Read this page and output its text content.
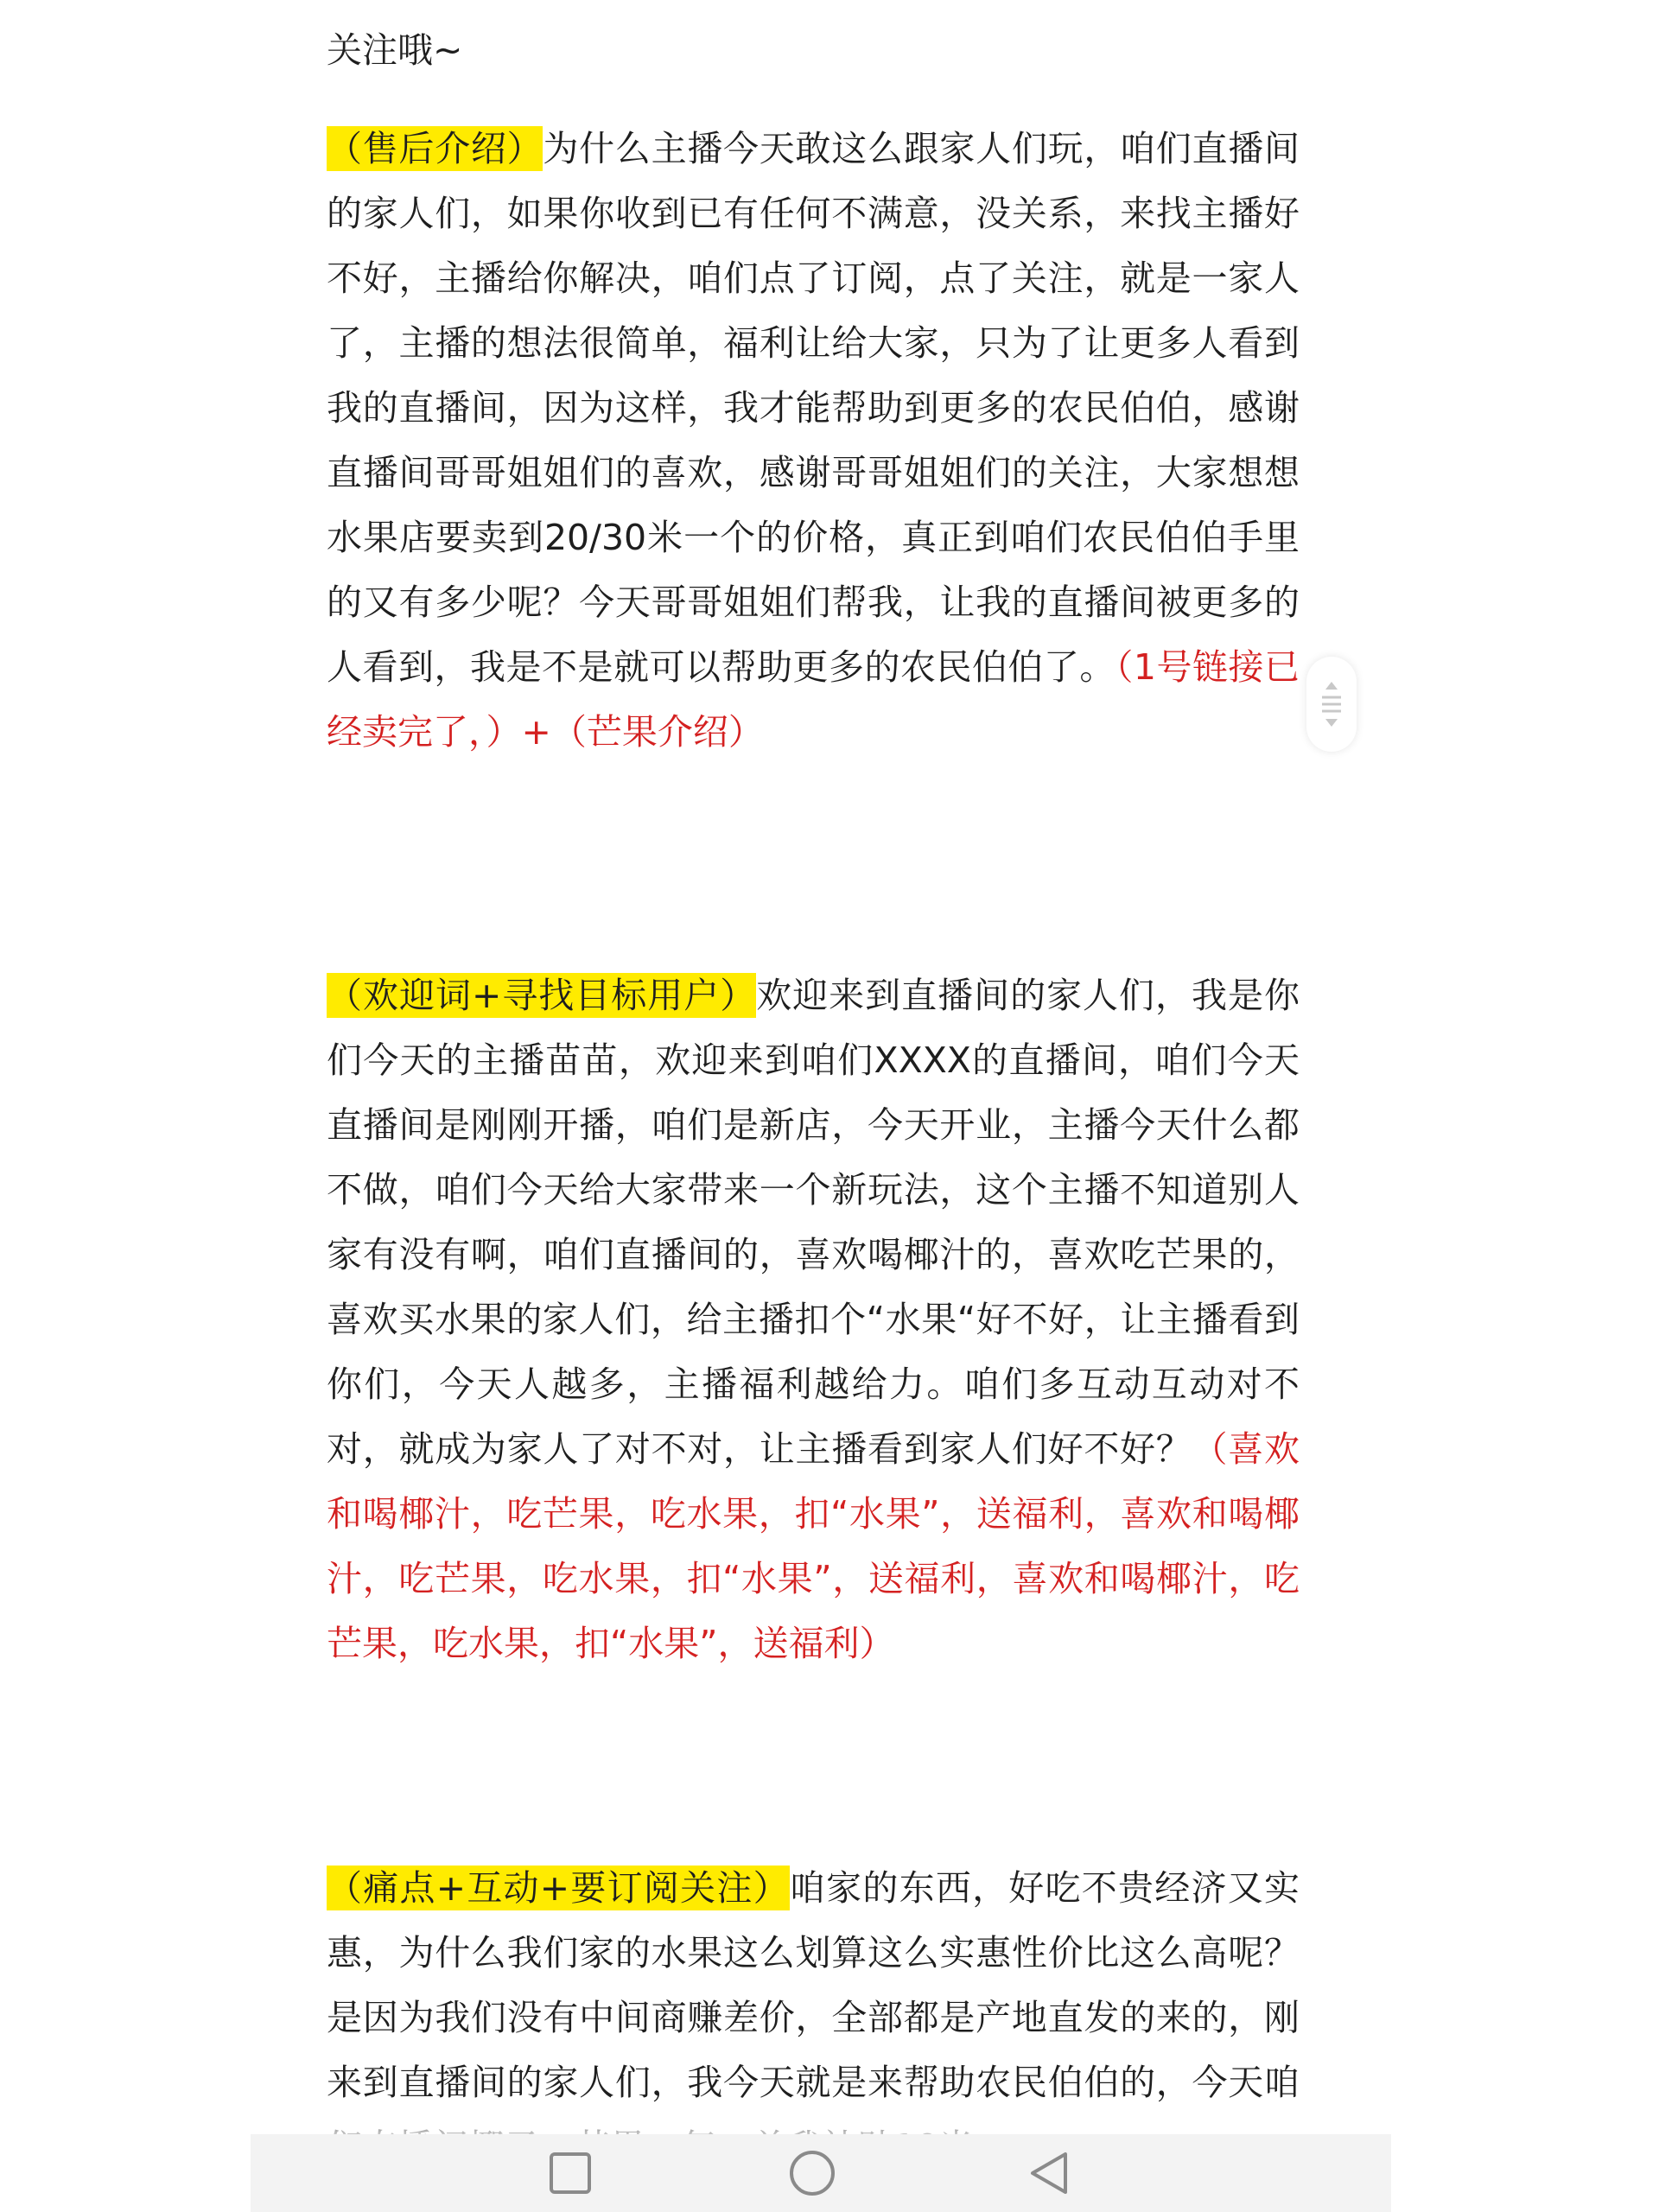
关注哦~

（售后介绍）为什么主播今天敢这么跟家人们玩，咱们直播间的家人们，如果你收到已有任何不满意，没关系，来找主播好不好，主播给你解决，咱们点了订阅，点了关注，就是一家人了，主播的想法很简单，福利让给大家，只为了让更多人看到我的直播间，因为这样，我才能帮助到更多的农民伯伯，感谢直播间哥哥姐姐们的喜欢，感谢哥哥姐姐们的关注，大家想想水果店要卖到20/30米一个的价格，真正到咱们农民伯伯手里的又有多少呢？今天哥哥姐姐们帮我，让我的直播间被更多的人看到，我是不是就可以帮助更多的农民伯伯了。（1号链接已经卖完了，）+（芒果介绍）

（欢迎词+寻找目标用户）欢迎来到直播间的家人们，我是你们今天的主播苗苗，欢迎来到咱们XXXX的直播间，咱们今天直播间是刚刚开播，咱们是新店，今天开业，主播今天什么都不做，咱们今天给大家带来一个新玩法，这个主播不知道别人家有没有啊，咱们直播间的，喜欢喝椰汁的，喜欢吃芒果的，喜欢买水果的家人们，给主播扣个“水果“好不好，让主播看到你们，今天人越多，主播福利越给力。咱们多互动互动对不对，就成为家人了对不对，让主播看到家人们好不好？（喜欢和喝椰汁，吃芒果，吃水果，扣“水果”，送福利，喜欢和喝椰汁，吃芒果，吃水果，扣“水果”，送福利，喜欢和喝椰汁，吃芒果，吃水果，扣“水果”，送福利）

（痛点+互动+要订阅关注）咱家的东西，好吃不贵经济又实惠，为什么我们家的水果这么划算这么实惠性价比这么高呢？是因为我们没有中间商赚差价，全部都是产地直发的来的，刚来到直播间的家人们，我今天就是来帮助农民伯伯的，今天咱
